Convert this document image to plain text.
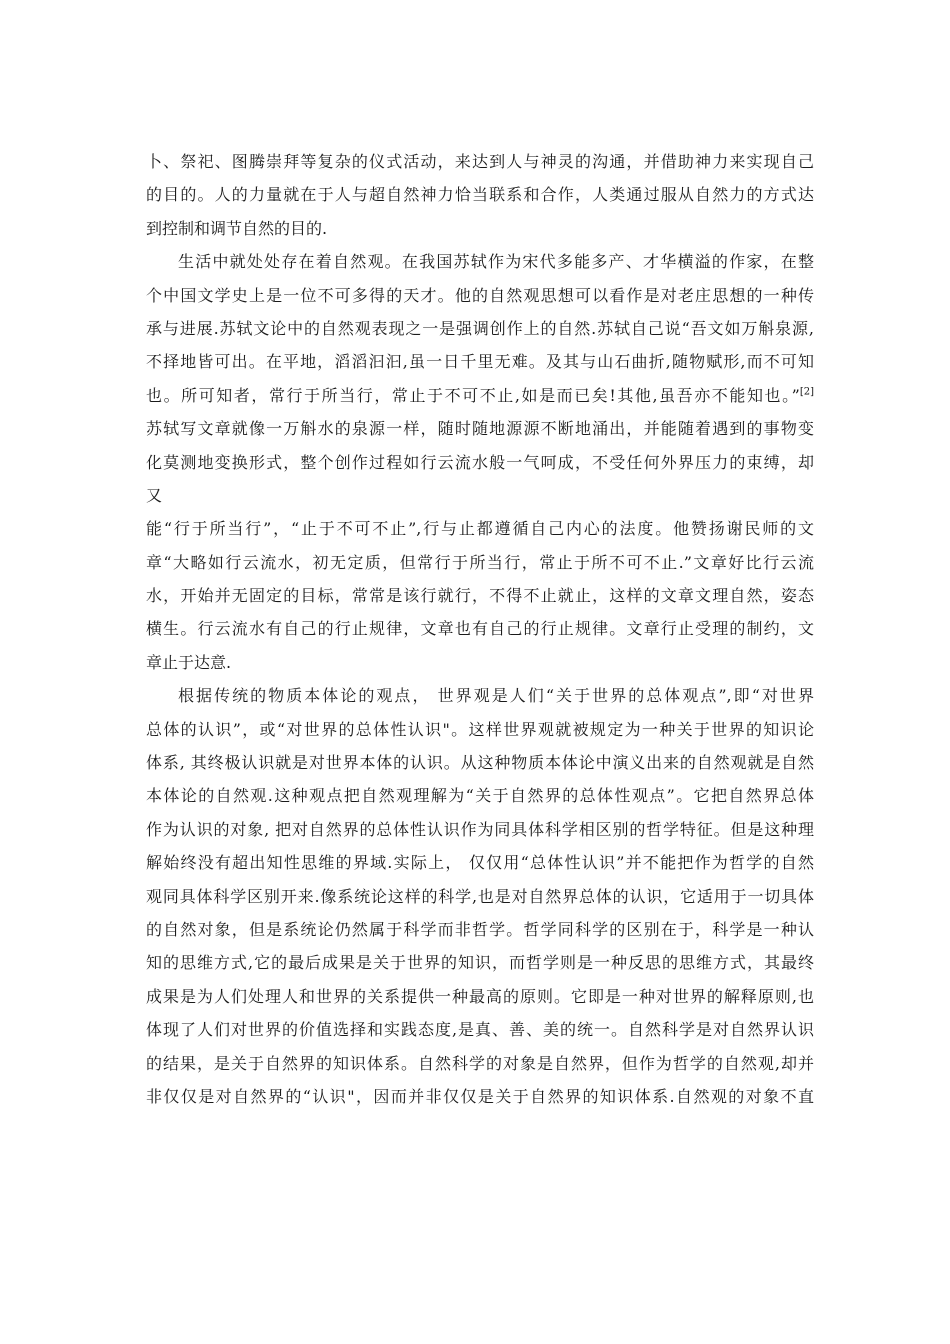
卜、祭祀、图腾崇拜等复杂的仪式活动，来达到人与神灵的沟通，并借助神力来实现自己
的目的。人的力量就在于人与超自然神力恰当联系和合作，人类通过服从自然力的方式达
到控制和调节自然的目的.
生活中就处处存在着自然观。在我国苏轼作为宋代多能多产、才华横溢的作家，在整
个中国文学史上是一位不可多得的天才。他的自然观思想可以看作是对老庄思想的一种传
承与进展.苏轼文论中的自然观表现之一是强调创作上的自然.苏轼自己说“吾文如万斛泉源,
不择地皆可出。在平地，滔滔汩汩,虽一日千里无难。及其与山石曲折,随物赋形,而不可知
也。所可知者，常行于所当行，常止于不可不止,如是而已矣!其他,虽吾亦不能知也。”[2]
苏轼写文章就像一万斛水的泉源一样，随时随地源源不断地涌出，并能随着遇到的事物变
化莫测地变换形式，整个创作过程如行云流水般一气呵成，不受任何外界压力的束缚，却
又
能“行于所当行”，“止于不可不止”,行与止都遵循自己内心的法度。他赞扬谢民师的文
章“大略如行云流水，初无定质，但常行于所当行，常止于所不可不止.”文章好比行云流
水，开始并无固定的目标，常常是该行就行，不得不止就止，这样的文章文理自然，姿态
横生。行云流水有自己的行止规律，文章也有自己的行止规律。文章行止受理的制约，文
章止于达意.
根据传统的物质本体论的观点， 世界观是人们“关于世界的总体观点”,即“对世界
总体的认识”，或“对世界的总体性认识"。这样世界观就被规定为一种关于世界的知识论
体系, 其终极认识就是对世界本体的认识。从这种物质本体论中演义出来的自然观就是自然
本体论的自然观.这种观点把自然观理解为“关于自然界的总体性观点”。它把自然界总体
作为认识的对象, 把对自然界的总体性认识作为同具体科学相区别的哲学特征。但是这种理
解始终没有超出知性思维的界域.实际上， 仅仅用“总体性认识”并不能把作为哲学的自然
观同具体科学区别开来.像系统论这样的科学,也是对自然界总体的认识，它适用于一切具体
的自然对象，但是系统论仍然属于科学而非哲学。哲学同科学的区别在于，科学是一种认
知的思维方式,它的最后成果是关于世界的知识，而哲学则是一种反思的思维方式，其最终
成果是为人们处理人和世界的关系提供一种最高的原则。它即是一种对世界的解释原则,也
体现了人们对世界的价值选择和实践态度,是真、善、美的统一。自然科学是对自然界认识
的结果，是关于自然界的知识体系。自然科学的对象是自然界，但作为哲学的自然观,却并
非仅仅是对自然界的“认识"，因而并非仅仅是关于自然界的知识体系.自然观的对象不直
